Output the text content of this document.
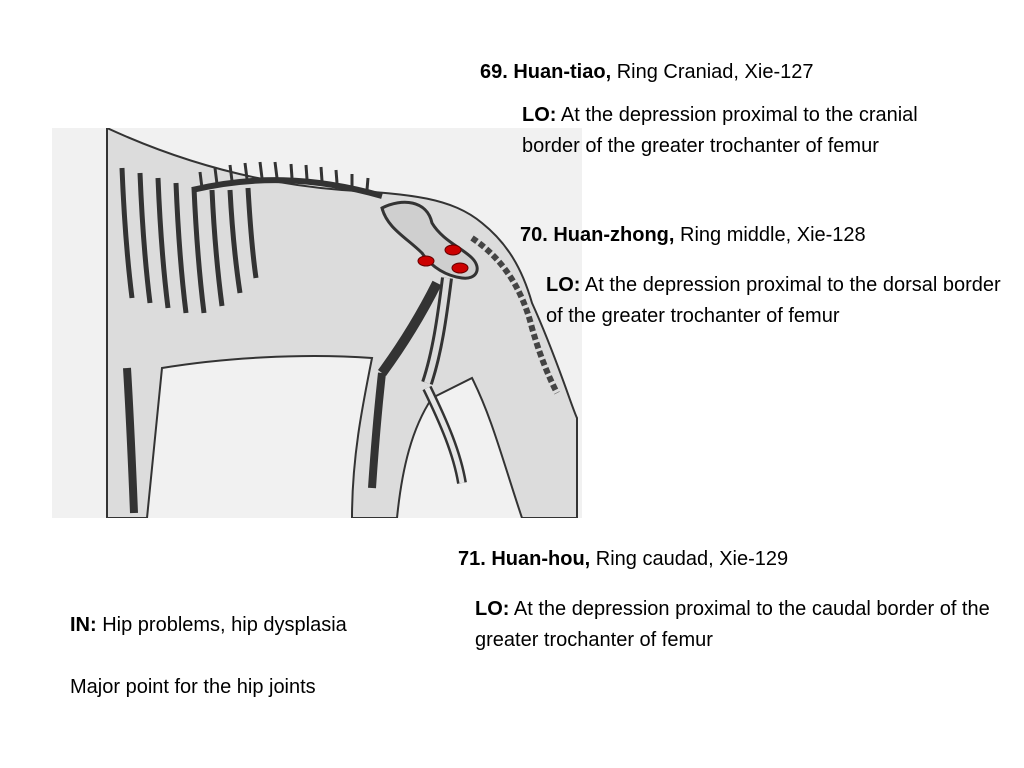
69. Huan-tiao, Ring Craniad, Xie-127
LO: At the depression proximal to the cranial border of the greater trochanter of femur
70. Huan-zhong, Ring middle, Xie-128
LO: At the depression proximal to the dorsal border of the greater trochanter of femur
71. Huan-hou, Ring caudad, Xie-129
LO: At the depression proximal to the caudal border of the greater trochanter of femur
IN: Hip problems, hip dysplasia
Major point for the hip joints
